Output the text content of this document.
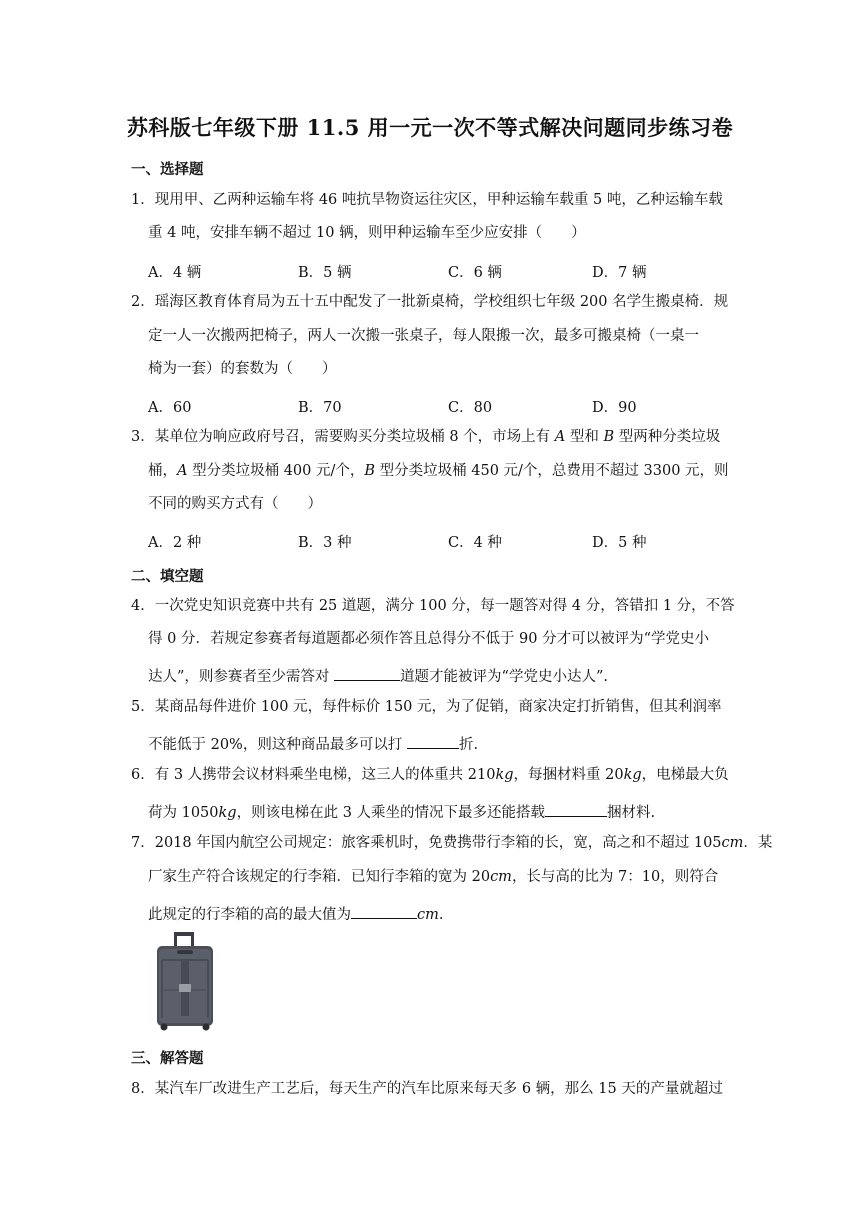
苏科版七年级下册 11.5 用一元一次不等式解决问题同步练习卷
一、选择题
1．现用甲、乙两种运输车将 46 吨抗旱物资运往灾区，甲种运输车载重 5 吨，乙种运输车载
重 4 吨，安排车辆不超过 10 辆，则甲种运输车至少应安排（　　）
A．4 辆	B．5 辆	C．6 辆	D．7 辆
2．瑶海区教育体育局为五十五中配发了一批新桌椅，学校组织七年级 200 名学生搬桌椅．规
定一人一次搬两把椅子，两人一次搬一张桌子，每人限搬一次，最多可搬桌椅（一桌一
椅为一套）的套数为（　　）
A．60	B．70	C．80	D．90
3．某单位为响应政府号召，需要购买分类垃圾桶 8 个，市场上有 A 型和 B 型两种分类垃圾
桶，A 型分类垃圾桶 400 元/个，B 型分类垃圾桶 450 元/个，总费用不超过 3300 元，则
不同的购买方式有（　　）
A．2 种	B．3 种	C．4 种	D．5 种
二、填空题
4．一次党史知识竞赛中共有 25 道题，满分 100 分，每一题答对得 4 分，答错扣 1 分，不答
得 0 分．若规定参赛者每道题都必须作答且总得分不低于 90 分才可以被评为“学党史小
达人”，则参赛者至少需答对	道题才能被评为“学党史小达人”.
5．某商品每件进价 100 元，每件标价 150 元，为了促销，商家决定打折销售，但其利润率
不能低于 20%，则这种商品最多可以打	折.
6．有 3 人携带会议材料乘坐电梯，这三人的体重共 210kg，每捆材料重 20kg，电梯最大负
荷为 1050kg，则该电梯在此 3 人乘坐的情况下最多还能搭载	捆材料.
7．2018 年国内航空公司规定：旅客乘机时，免费携带行李箱的长，宽，高之和不超过 105cm．某
厂家生产符合该规定的行李箱．已知行李箱的宽为 20cm，长与高的比为 7：10，则符合
此规定的行李箱的高的最大值为	cm.
三、解答题
8．某汽车厂改进生产工艺后，每天生产的汽车比原来每天多 6 辆，那么 15 天的产量就超过
